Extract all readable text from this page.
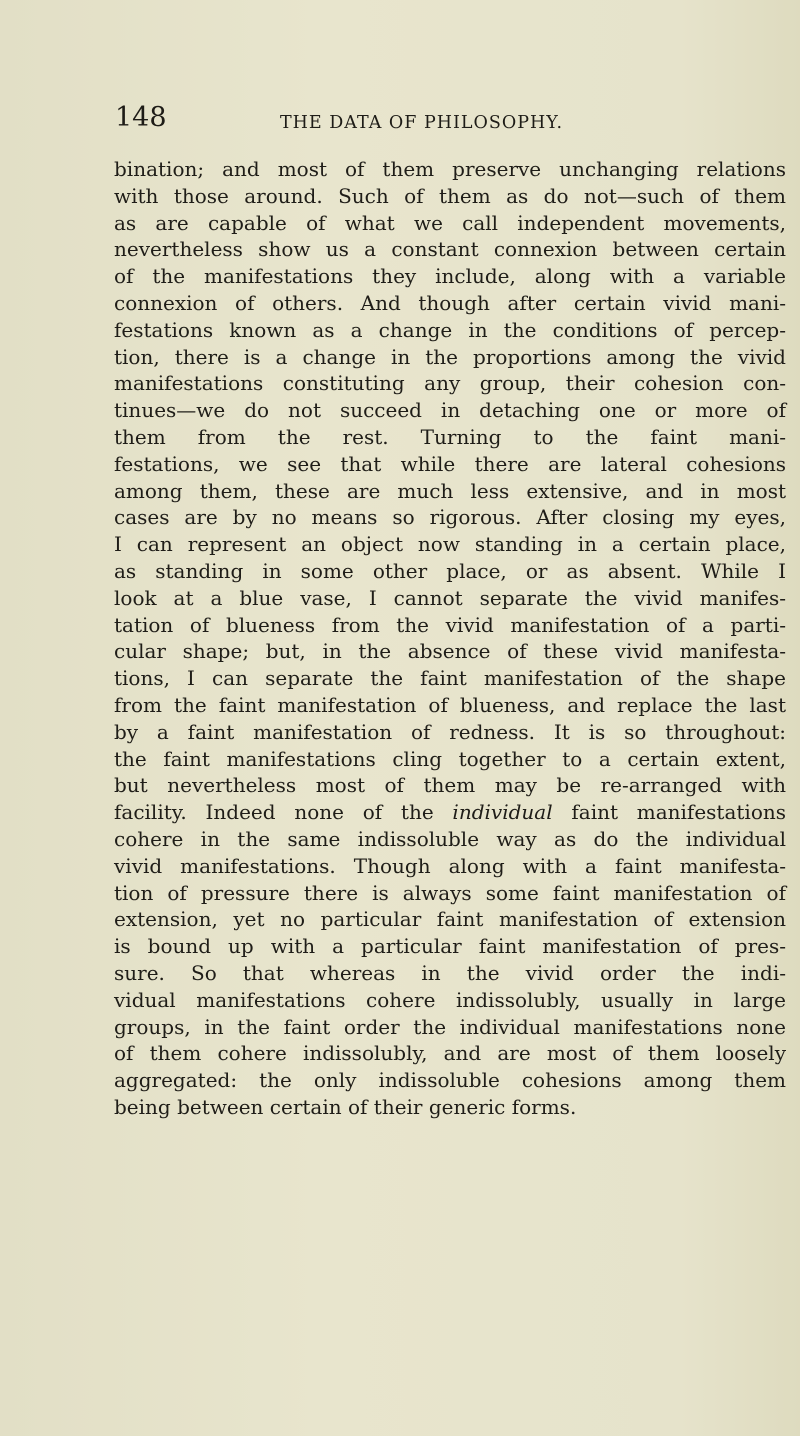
148	THE DATA OF PHILOSOPHY.
bination; and most of them preserve unchanging relations
with those around. Such of them as do not—such of them
as are capable of what we call independent movements,
nevertheless show us a constant connexion between certain
of the manifestations they include, along with a variable
connexion of others. And though after certain vivid mani-
festations known as a change in the conditions of percep-
tion, there is a change in the proportions among the vivid
manifestations constituting any group, their cohesion con-
tinues—we do not succeed in detaching one or more of
them from the rest. Turning to the faint mani-
festations, we see that while there are lateral cohesions
among them, these are much less extensive, and in most
cases are by no means so rigorous. After closing my eyes,
I can represent an object now standing in a certain place,
as standing in some other place, or as absent. While I
look at a blue vase, I cannot separate the vivid manifes-
tation of blueness from the vivid manifestation of a parti-
cular shape; but, in the absence of these vivid manifesta-
tions, I can separate the faint manifestation of the shape
from the faint manifestation of blueness, and replace the last
by a faint manifestation of redness. It is so throughout:
the faint manifestations cling together to a certain extent,
but nevertheless most of them may be re-arranged with
facility. Indeed none of the individual faint manifestations
cohere in the same indissoluble way as do the individual
vivid manifestations. Though along with a faint manifesta-
tion of pressure there is always some faint manifestation of
extension, yet no particular faint manifestation of extension
is bound up with a particular faint manifestation of pres-
sure. So that whereas in the vivid order the indi-
vidual manifestations cohere indissolubly, usually in large
groups, in the faint order the individual manifestations none
of them cohere indissolubly, and are most of them loosely
aggregated: the only indissoluble cohesions among them
being between certain of their generic forms.
